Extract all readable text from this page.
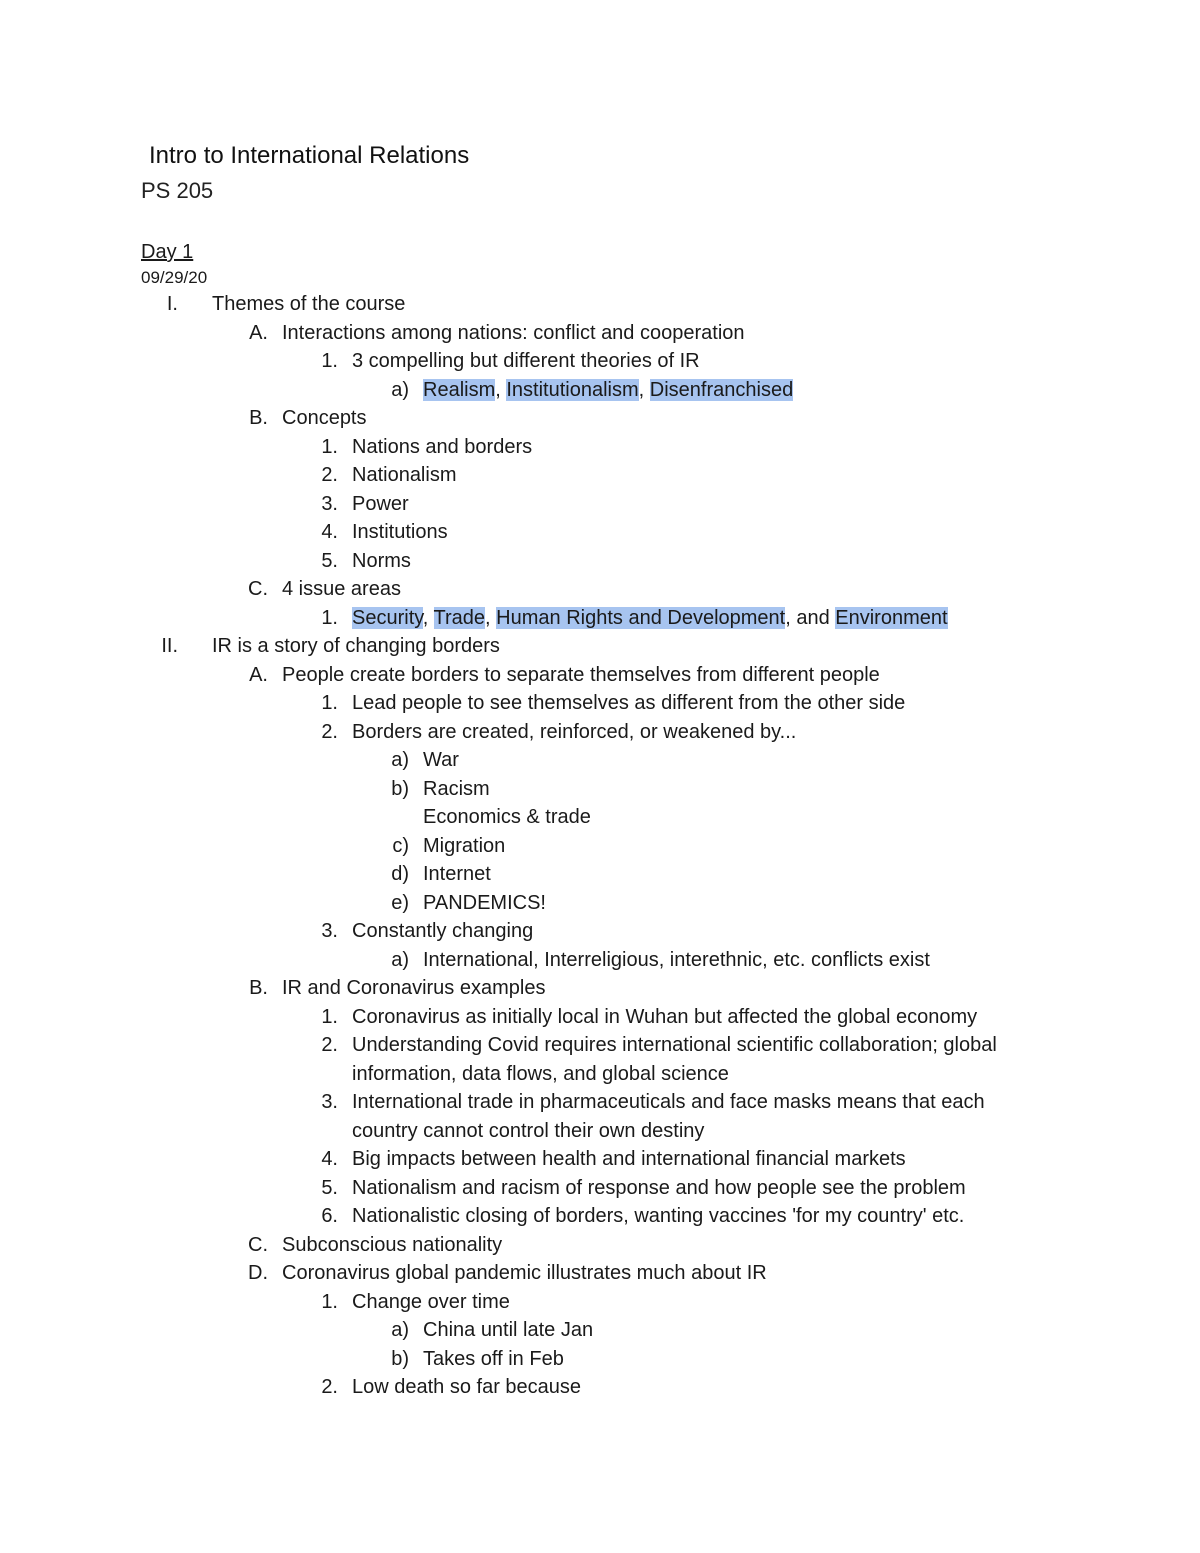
Intro to International Relations
PS 205
Day 1
09/29/20
I. Themes of the course
A. Interactions among nations: conflict and cooperation
1. 3 compelling but different theories of IR
a) Realism, Institutionalism, Disenfranchised
B. Concepts
1. Nations and borders
2. Nationalism
3. Power
4. Institutions
5. Norms
C. 4 issue areas
1. Security, Trade, Human Rights and Development, and Environment
II. IR is a story of changing borders
A. People create borders to separate themselves from different people
1. Lead people to see themselves as different from the other side
2. Borders are created, reinforced, or weakened by...
a) War
b) Racism
Economics & trade
c) Migration
d) Internet
e) PANDEMICS!
3. Constantly changing
a) International, Interreligious, interethnic, etc. conflicts exist
B. IR and Coronavirus examples
1. Coronavirus as initially local in Wuhan but affected the global economy
2. Understanding Covid requires international scientific collaboration; global
information, data flows, and global science
3. International trade in pharmaceuticals and face masks means that each
country cannot control their own destiny
4. Big impacts between health and international financial markets
5. Nationalism and racism of response and how people see the problem
6. Nationalistic closing of borders, wanting vaccines 'for my country' etc.
C. Subconscious nationality
D. Coronavirus global pandemic illustrates much about IR
1. Change over time
a) China until late Jan
b) Takes off in Feb
2. Low death so far because
